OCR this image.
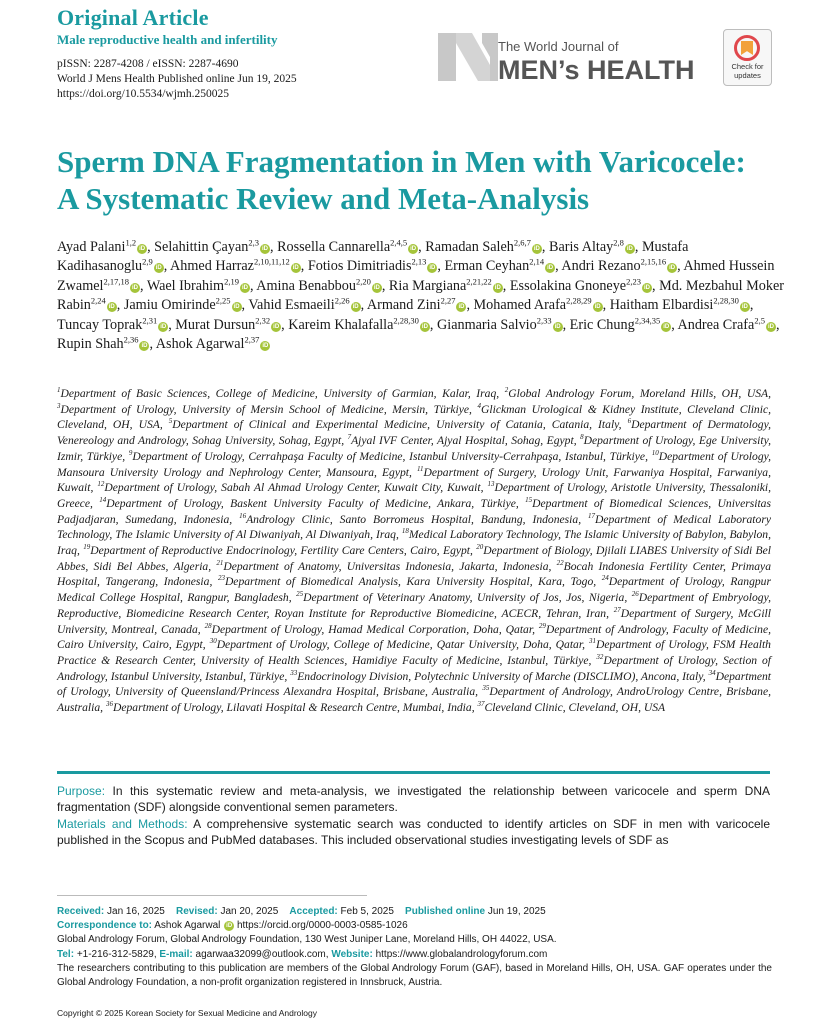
Original Article
Male reproductive health and infertility
pISSN: 2287-4208 / eISSN: 2287-4690
World J Mens Health Published online Jun 19, 2025
https://doi.org/10.5534/wjmh.250025
The World Journal of
MEN’s HEALTH	Check for
updates
Sperm DNA Fragmentation in Men with Varicocele:
A Systematic Review and Meta-Analysis
Ayad Palani$^{1,2}$iD , Selahittin Çayan$^{2,3}$iD , Rossella Cannarella$^{2,4,5}$iD , Ramadan Saleh$^{2,6,7}$iD , Baris Altay$^{2,8}$iD , Mustafa Kadihasanoglu$^{2,9}$iD , Ahmed Harraz$^{2,10,11,12}$iD , Fotios Dimitriadis$^{2,13}$iD , Erman Ceyhan$^{2,14}$iD , Andri Rezano$^{2,15,16}$iD , Ahmed Hussein Zwamel$^{2,17,18}$iD , Wael Ibrahim$^{2,19}$iD , Amina Benabbou$^{2,20}$iD , Ria Margiana$^{2,21,22}$iD , Essolakina Gnoneye$^{2,23}$iD , Md. Mezbahul Moker Rabin$^{2,24}$iD , Jamiu Omirinde$^{2,25}$iD , Vahid Esmaeili$^{2,26}$iD , Armand Zini$^{2,27}$iD , Mohamed Arafa$^{2,28,29}$iD , Haitham Elbardisi$^{2,28,30}$iD , Tuncay Toprak$^{2,31}$iD , Murat Dursun$^{2,32}$iD , Kareim Khalafalla$^{2,28,30}$iD , Gianmaria Salvio$^{2,33}$iD , Eric Chung$^{2,34,35}$iD , Andrea Crafa$^{2,5}$iD , Rupin Shah$^{2,36}$iD , Ashok Agarwal$^{2,37}$iD
$^1$Department of Basic Sciences, College of Medicine, University of Garmian, Kalar, Iraq, $^2$Global Andrology Forum, Moreland Hills, OH, USA, $^3$Department of Urology, University of Mersin School of Medicine, Mersin, Türkiye, $^4$Glickman Urological & Kidney Institute, Cleveland Clinic, Cleveland, OH, USA, $^5$Department of Clinical and Experimental Medicine, University of Catania, Catania, Italy, $^6$Department of Dermatology, Venereology and Andrology, Sohag University, Sohag, Egypt, $^7$Ajyal IVF Center, Ajyal Hospital, Sohag, Egypt, $^8$Department of Urology, Ege University, Izmir, Türkiye, $^9$Department of Urology, Cerrahpaşa Faculty of Medicine, Istanbul University-Cerrahpaşa, Istanbul, Türkiye, $^{10}$Department of Urology, Mansoura University Urology and Nephrology Center, Mansoura, Egypt, $^{11}$Department of Surgery, Urology Unit, Farwaniya Hospital, Farwaniya, Kuwait, $^{12}$Department of Urology, Sabah Al Ahmad Urology Center, Kuwait City, Kuwait, $^{13}$Department of Urology, Aristotle University, Thessaloniki, Greece, $^{14}$Department of Urology, Baskent University Faculty of Medicine, Ankara, Türkiye, $^{15}$Department of Biomedical Sciences, Universitas Padjadjaran, Sumedang, Indonesia, $^{16}$Andrology Clinic, Santo Borromeus Hospital, Bandung, Indonesia, $^{17}$Department of Medical Laboratory Technology, The Islamic University of Al Diwaniyah, Al Diwaniyah, Iraq, $^{18}$Medical Laboratory Technology, The Islamic University of Babylon, Babylon, Iraq, $^{19}$Department of Reproductive Endocrinology, Fertility Care Centers, Cairo, Egypt, $^{20}$Department of Biology, Djilali LIABES University of Sidi Bel Abbes, Sidi Bel Abbes, Algeria, $^{21}$Department of Anatomy, Universitas Indonesia, Jakarta, Indonesia, $^{22}$Bocah Indonesia Fertility Center, Primaya Hospital, Tangerang, Indonesia, $^{23}$Department of Biomedical Analysis, Kara University Hospital, Kara, Togo, $^{24}$Department of Urology, Rangpur Medical College Hospital, Rangpur, Bangladesh, $^{25}$Department of Veterinary Anatomy, University of Jos, Jos, Nigeria, $^{26}$Department of Embryology, Reproductive, Biomedicine Research Center, Royan Institute for Reproductive Biomedicine, ACECR, Tehran, Iran, $^{27}$Department of Surgery, McGill University, Montreal, Canada, $^{28}$Department of Urology, Hamad Medical Corporation, Doha, Qatar, $^{29}$Department of Andrology, Faculty of Medicine, Cairo University, Cairo, Egypt, $^{30}$Department of Urology, College of Medicine, Qatar University, Doha, Qatar, $^{31}$Department of Urology, FSM Health Practice & Research Center, University of Health Sciences, Hamidiye Faculty of Medicine, Istanbul, Türkiye, $^{32}$Department of Urology, Section of Andrology, Istanbul University, Istanbul, Türkiye, $^{33}$Endocrinology Division, Polytechnic University of Marche (DISCLIMO), Ancona, Italy, $^{34}$Department of Urology, University of Queensland/Princess Alexandra Hospital, Brisbane, Australia, $^{35}$Department of Andrology, AndroUrology Centre, Brisbane, Australia, $^{36}$Department of Urology, Lilavati Hospital & Research Centre, Mumbai, India, $^{37}$Cleveland Clinic, Cleveland, OH, USA
Purpose: In this systematic review and meta-analysis, we investigated the relationship between varicocele and sperm DNA fragmentation (SDF) alongside conventional semen parameters.
Materials and Methods: A comprehensive systematic search was conducted to identify articles on SDF in men with varicocele published in the Scopus and PubMed databases. This included observational studies investigating levels of SDF as
Received: Jan 16, 2025 Revised: Jan 20, 2025 Accepted: Feb 5, 2025 Published online Jun 19, 2025
Correspondence to: Ashok Agarwal iD https://orcid.org/0000-0003-0585-1026
Global Andrology Forum, Global Andrology Foundation, 130 West Juniper Lane, Moreland Hills, OH 44022, USA.
Tel: +1-216-312-5829, E-mail: agarwaa32099@outlook.com, Website: https://www.globalandrologyforum.com
The researchers contributing to this publication are members of the Global Andrology Forum (GAF), based in Moreland Hills, OH, USA. GAF operates under the Global Andrology Foundation, a non-profit organization registered in Innsbruck, Austria.
Copyright © 2025 Korean Society for Sexual Medicine and Andrology
